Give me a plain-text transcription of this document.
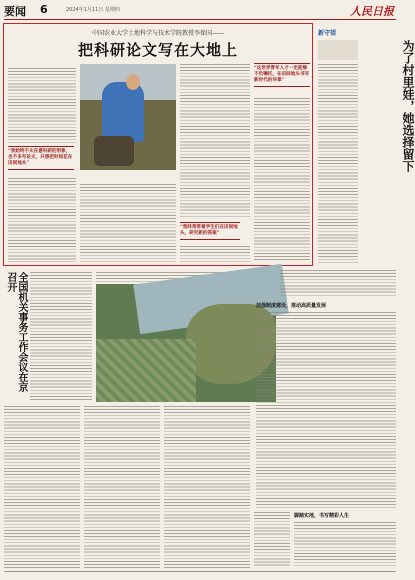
要闻 6	2024年1月11日 星期四	人民日报
中国农业大学土地科学与技术学院教授李保国——
把科研论文写在大地上
“我始终不太在意科研的形象，也不多写论文，只想把时间花在田间地头”
“这世界青年人才一定能够不负嘱托，在田间地头书写新时代的华章”
“我经常带着学生们在田间地头，研究新的答案”
新守望
为了村里娃，她选择留下
全国机关事务工作会议在京召开
加强制度建设，推动高质量发展
脚踏实地，书写精彩人生
